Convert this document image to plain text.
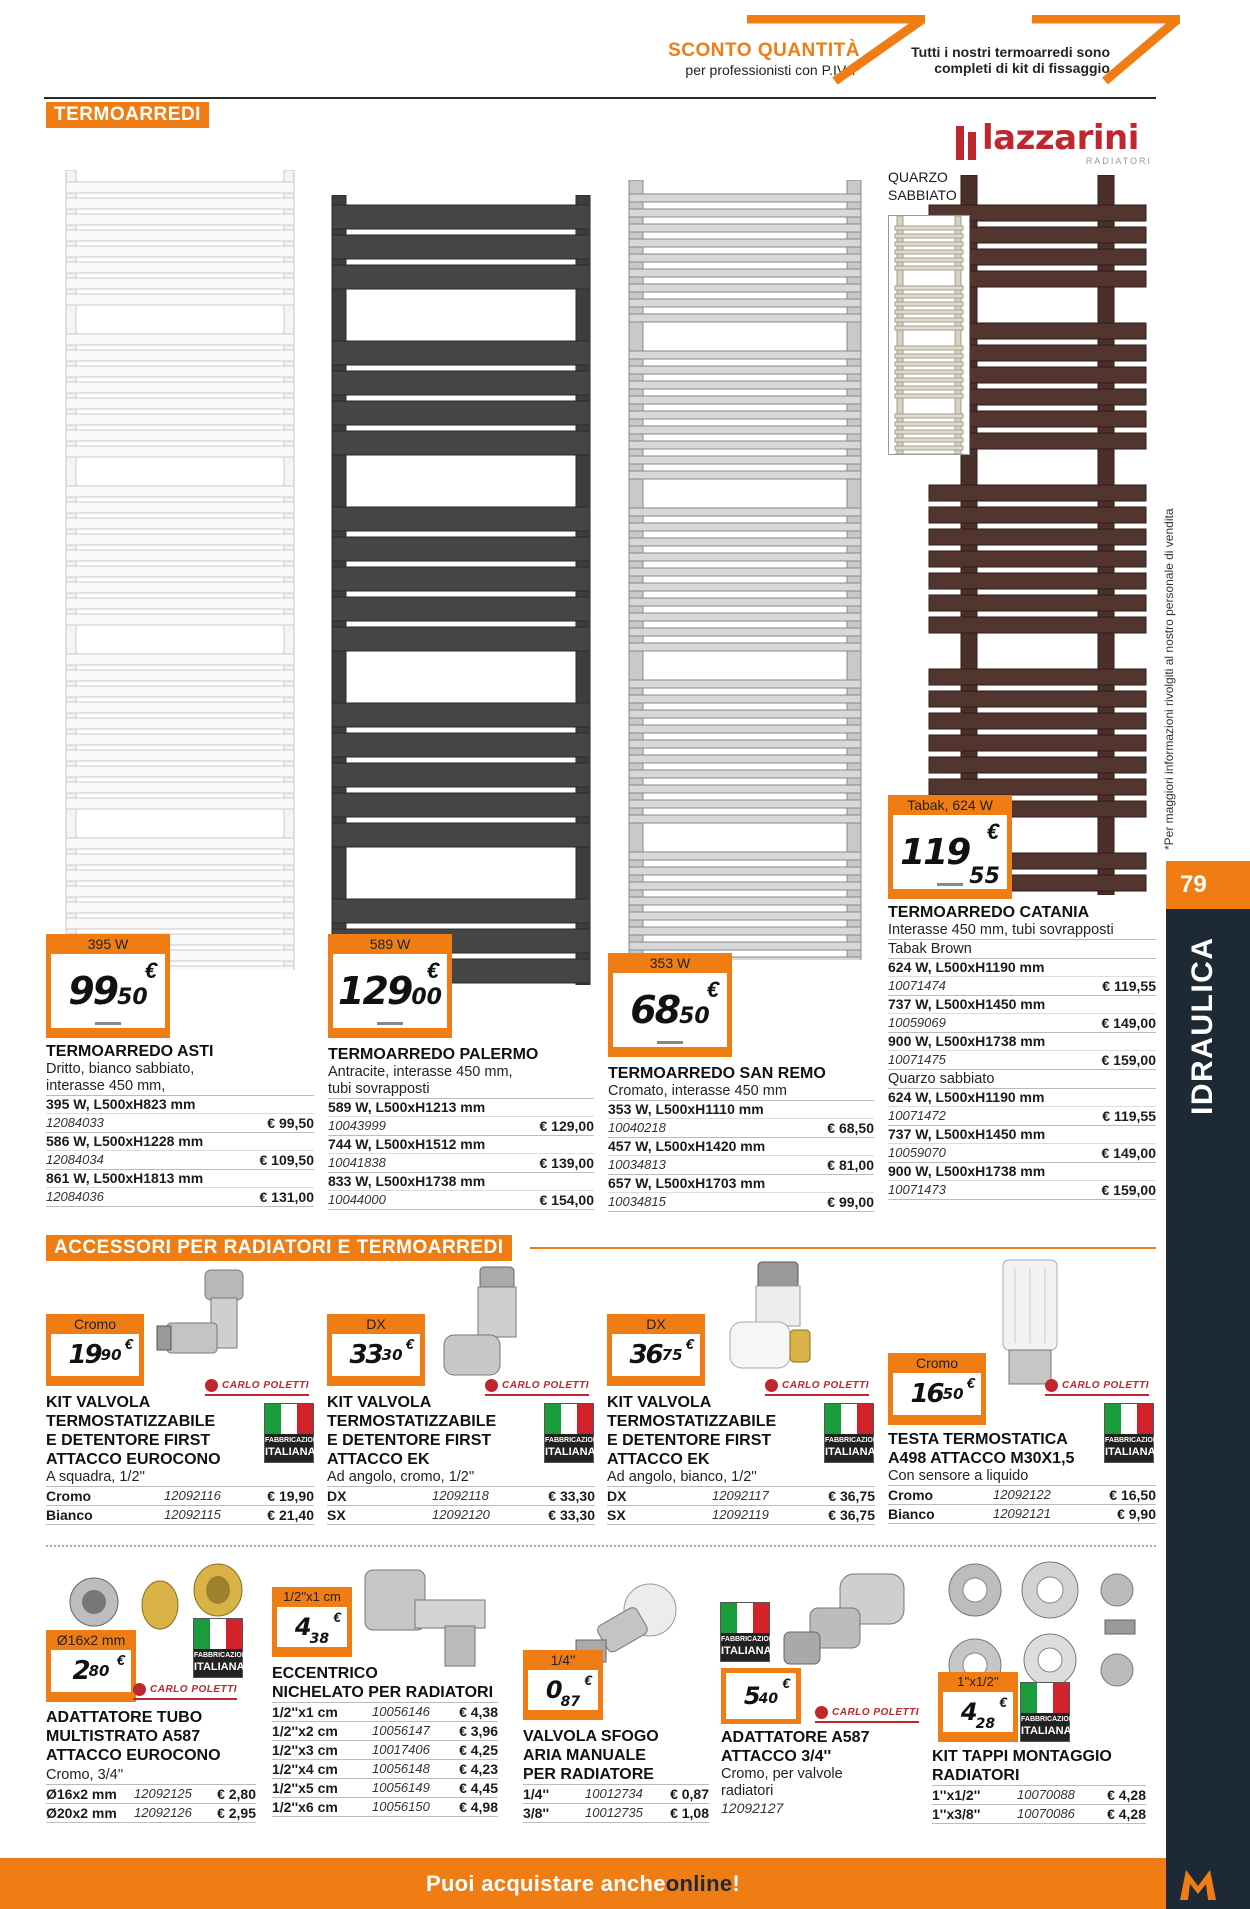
SCONTO QUANTITÀ
per professionisti con P.IVA*
Tutti i nostri termoarredi sono
completi di kit di fissaggio
TERMOARREDI
lazzarini
RADIATORI
QUARZO
SABBIATO
395 W
99 50
€
589 W
129 00
€	353 W
68 50
€
Tabak, 624 W
119
55
€
TERMOARREDO ASTI
Dritto, bianco sabbiato,
interasse 450 mm,
395 W, L500xH823 mm
12084033	€ 99,50
586 W, L500xH1228 mm
12084034	€ 109,50
861 W, L500xH1813 mm
12084036	€ 131,00
TERMOARREDO PALERMO
Antracite, interasse 450 mm,
tubi sovrapposti
589 W, L500xH1213 mm
10043999	€ 129,00
744 W, L500xH1512 mm
10041838	€ 139,00
833 W, L500xH1738 mm
10044000	€ 154,00
TERMOARREDO SAN REMO
Cromato, interasse 450 mm
353 W, L500xH1110 mm
10040218	€ 68,50
457 W, L500xH1420 mm
10034813	€ 81,00
657 W, L500xH1703 mm
10034815	€ 99,00
TERMOARREDO CATANIA
Interasse 450 mm, tubi sovrapposti
Tabak Brown
624 W, L500xH1190 mm
10071474	€ 119,55
737 W, L500xH1450 mm
10059069	€ 149,00
900 W, L500xH1738 mm
10071475	€ 159,00
Quarzo sabbiato
624 W, L500xH1190 mm
10071472	€ 119,55
737 W, L500xH1450 mm
10059070	€ 149,00
900 W, L500xH1738 mm
10071473	€ 159,00
ACCESSORI PER RADIATORI E TERMOARREDI
Cromo
19 90
€
DX
33 30
€
DX
36 75
€
Cromo
16 50
€
CARLO POLETTI	CARLO POLETTI	CARLO POLETTI	CARLO POLETTI
FABBRICAZIONE
ITALIANA
FABBRICAZIONE
ITALIANA
FABBRICAZIONE
ITALIANA
FABBRICAZIONE
ITALIANA
KIT VALVOLA
TERMOSTATIZZABILE
E DETENTORE FIRST
ATTACCO EUROCONO
A squadra, 1/2''
Cromo	12092116	€ 19,90
Bianco	12092115	€ 21,40
KIT VALVOLA
TERMOSTATIZZABILE
E DETENTORE FIRST
ATTACCO EK
Ad angolo, cromo, 1/2''
DX	12092118	€ 33,30
SX	12092120	€ 33,30
KIT VALVOLA
TERMOSTATIZZABILE
E DETENTORE FIRST
ATTACCO EK
Ad angolo, bianco, 1/2''
DX	12092117	€ 36,75
SX	12092119	€ 36,75
TESTA TERMOSTATICA
A498 ATTACCO M30X1,5
Con sensore a liquido
Cromo	12092122	€ 16,50
Bianco	12092121	€ 9,90
Ø16x2 mm
2 80
€
1/2''x1 cm
4 38
€
1/4''
0 87
€
5 40
€	1''x1/2''
4 28
€
FABBRICAZIONE
ITALIANA
FABBRICAZIONE
ITALIANA
FABBRICAZIONE
ITALIANA
CARLO POLETTI
CARLO POLETTI
ADATTATORE TUBO
MULTISTRATO A587
ATTACCO EUROCONO
Cromo, 3/4''
Ø16x2 mm 12092125 € 2,80
Ø20x2 mm 12092126 € 2,95
ECCENTRICO
NICHELATO PER RADIATORI
1/2''x1 cm	10056146 € 4,38
1/2''x2 cm	10056147 € 3,96
1/2''x3 cm	10017406 € 4,25
1/2''x4 cm	10056148 € 4,23
1/2''x5 cm	10056149 € 4,45
1/2''x6 cm	10056150 € 4,98
VALVOLA SFOGO
ARIA MANUALE
PER RADIATORE
1/4''	10012734 € 0,87
3/8''	10012735 € 1,08
ADATTATORE A587
ATTACCO 3/4''
Cromo, per valvole
radiatori
12092127
KIT TAPPI MONTAGGIO
RADIATORI
1''x1/2''	10070088 € 4,28
1''x3/8''	10070086 € 4,28
*Per maggiori informazioni rivolgiti al nostro personale di vendita
79
IDRAULICA
Puoi acquistare anche online !
